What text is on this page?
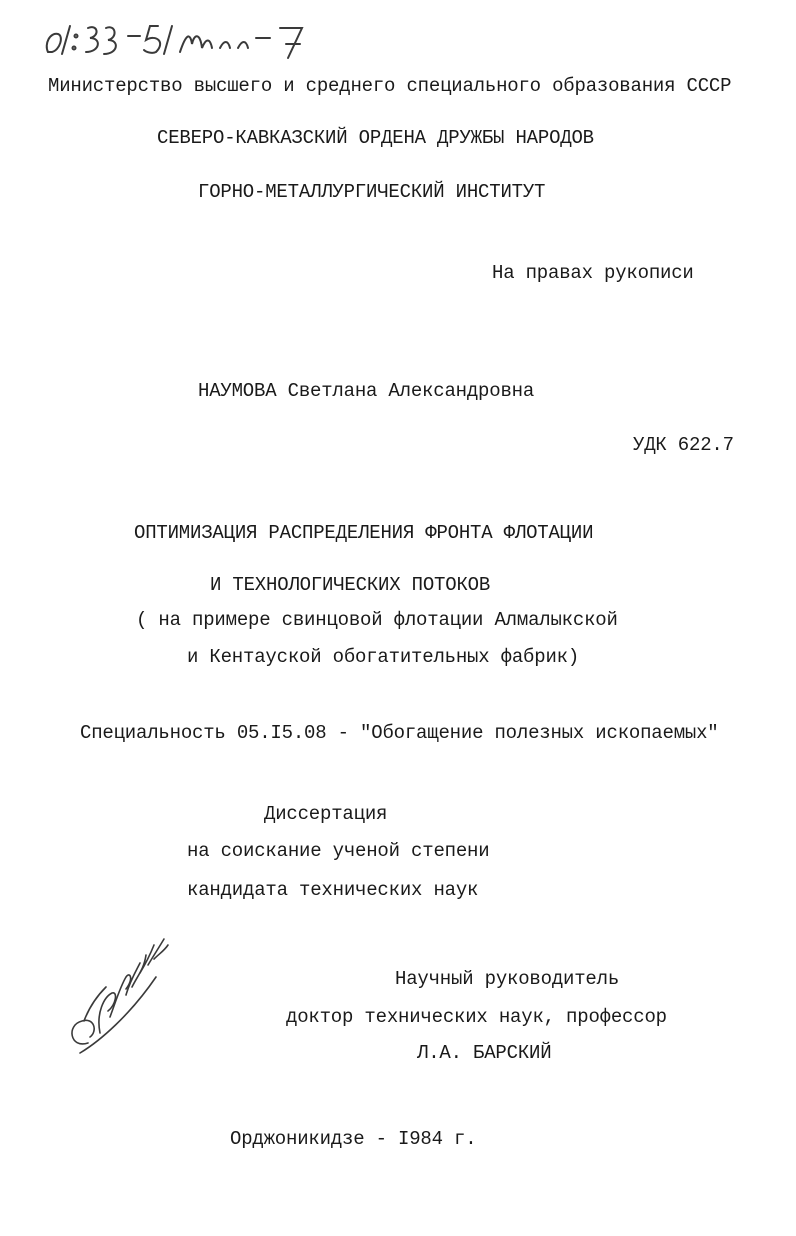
Министерство высшего и среднего специального образования СССР
СЕВЕРО-КАВКАЗСКИЙ ОРДЕНА ДРУЖБЫ НАРОДОВ
ГОРНО-МЕТАЛЛУРГИЧЕСКИЙ ИНСТИТУТ
На правах рукописи
НАУМОВА Светлана Александровна
УДК 622.7
ОПТИМИЗАЦИЯ РАСПРЕДЕЛЕНИЯ ФРОНТА ФЛОТАЦИИ
И ТЕХНОЛОГИЧЕСКИХ ПОТОКОВ
( на примере свинцовой флотации Алмалыкской
и Кентауской обогатительных фабрик)
Специальность 05.I5.08 - "Обогащение полезных ископаемых"
Диссертация
на соискание ученой степени
кандидата технических наук
Научный руководитель
доктор технических наук, профессор
Л.А. БАРСКИЙ
Орджоникидзе - I984 г.
